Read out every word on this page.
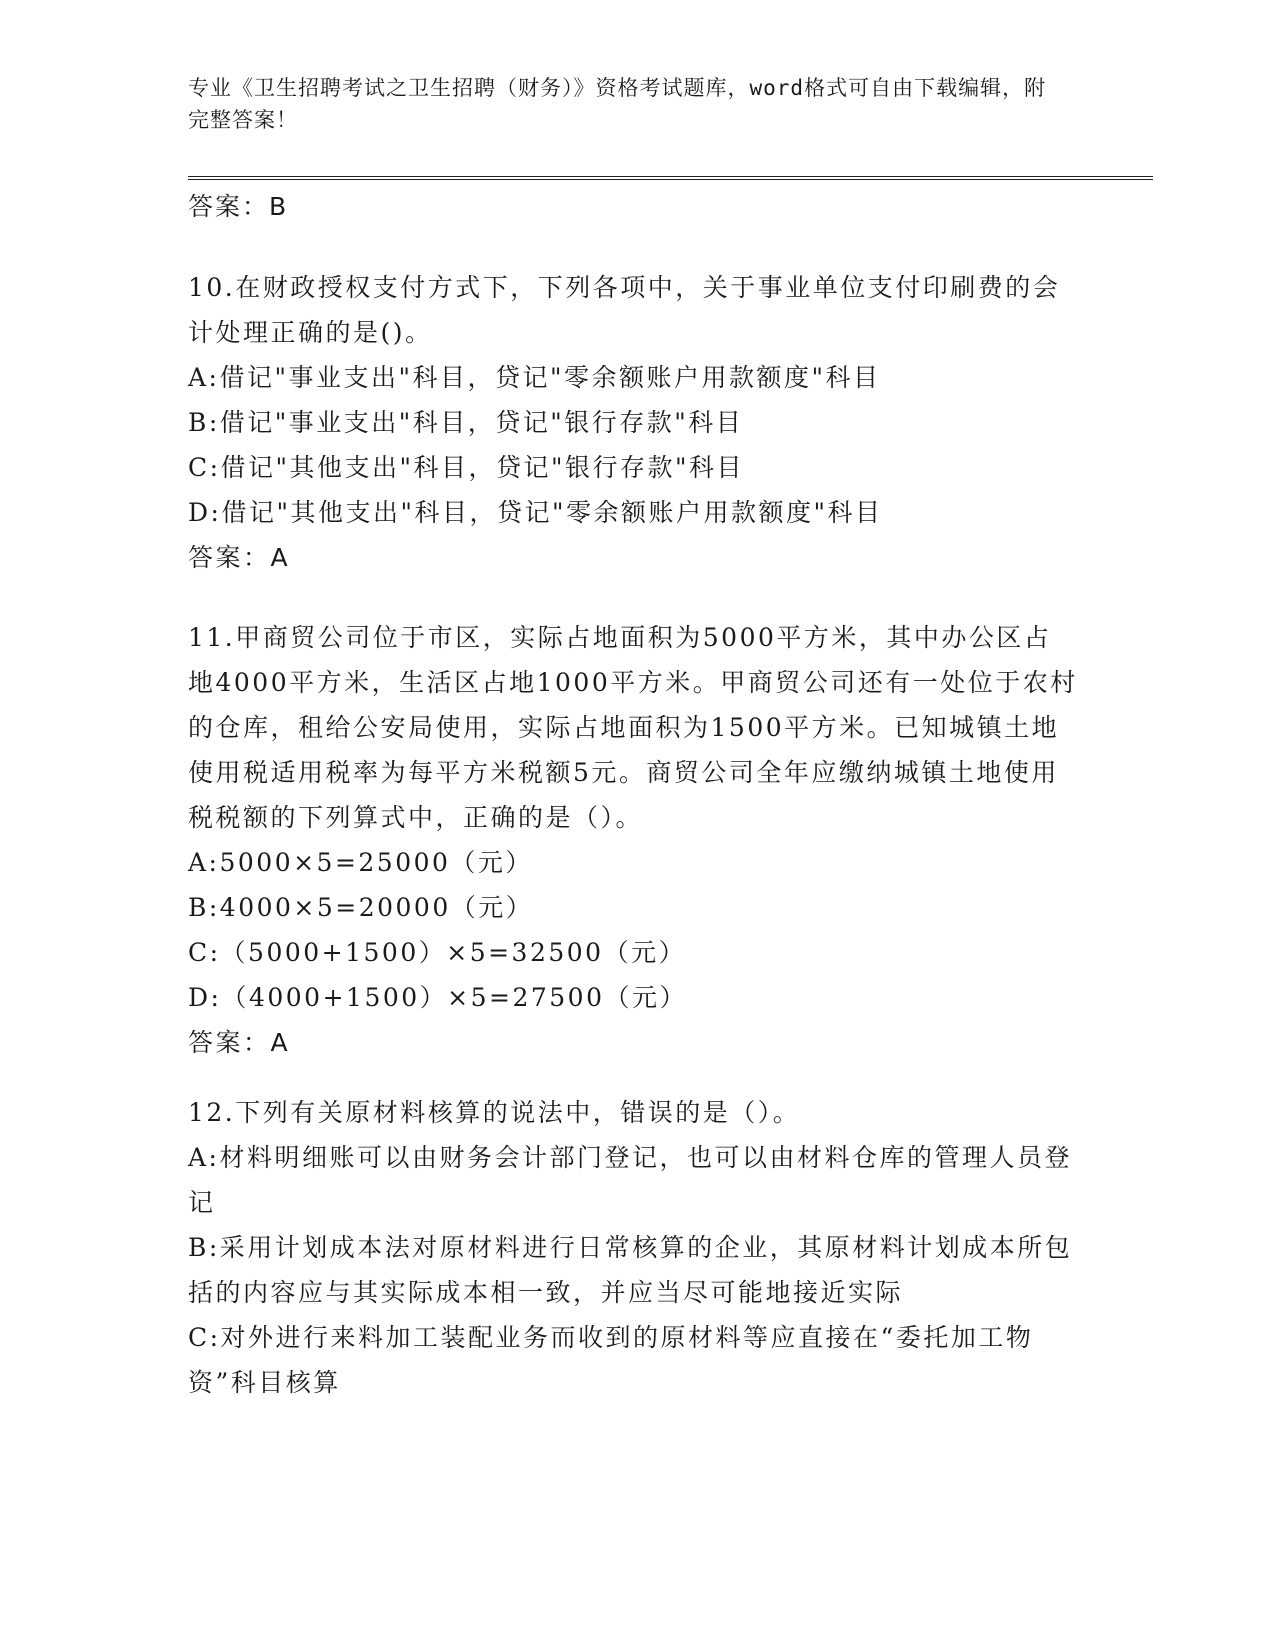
专业《卫生招聘考试之卫生招聘（财务）》资格考试题库，word格式可自由下载编辑，附完整答案！
答案：B

10.在财政授权支付方式下，下列各项中，关于事业单位支付印刷费的会计处理正确的是()。

A:借记"事业支出"科目，贷记"零余额账户用款额度"科目

B:借记"事业支出"科目，贷记"银行存款"科目

C:借记"其他支出"科目，贷记"银行存款"科目

D:借记"其他支出"科目，贷记"零余额账户用款额度"科目

答案：A

11.甲商贸公司位于市区，实际占地面积为5000平方米，其中办公区占地4000平方米，生活区占地1000平方米。甲商贸公司还有一处位于农村的仓库，租给公安局使用，实际占地面积为1500平方米。已知城镇土地使用税适用税率为每平方米税额5元。商贸公司全年应缴纳城镇土地使用税税额的下列算式中，正确的是（）。

A:5000×5=25000（元）

B:4000×5=20000（元）

C:（5000+1500）×5=32500（元）

D:（4000+1500）×5=27500（元）

答案：A

12.下列有关原材料核算的说法中，错误的是（）。

A:材料明细账可以由财务会计部门登记，也可以由材料仓库的管理人员登记

B:采用计划成本法对原材料进行日常核算的企业，其原材料计划成本所包括的内容应与其实际成本相一致，并应当尽可能地接近实际

C:对外进行来料加工装配业务而收到的原材料等应直接在“委托加工物资”科目核算
